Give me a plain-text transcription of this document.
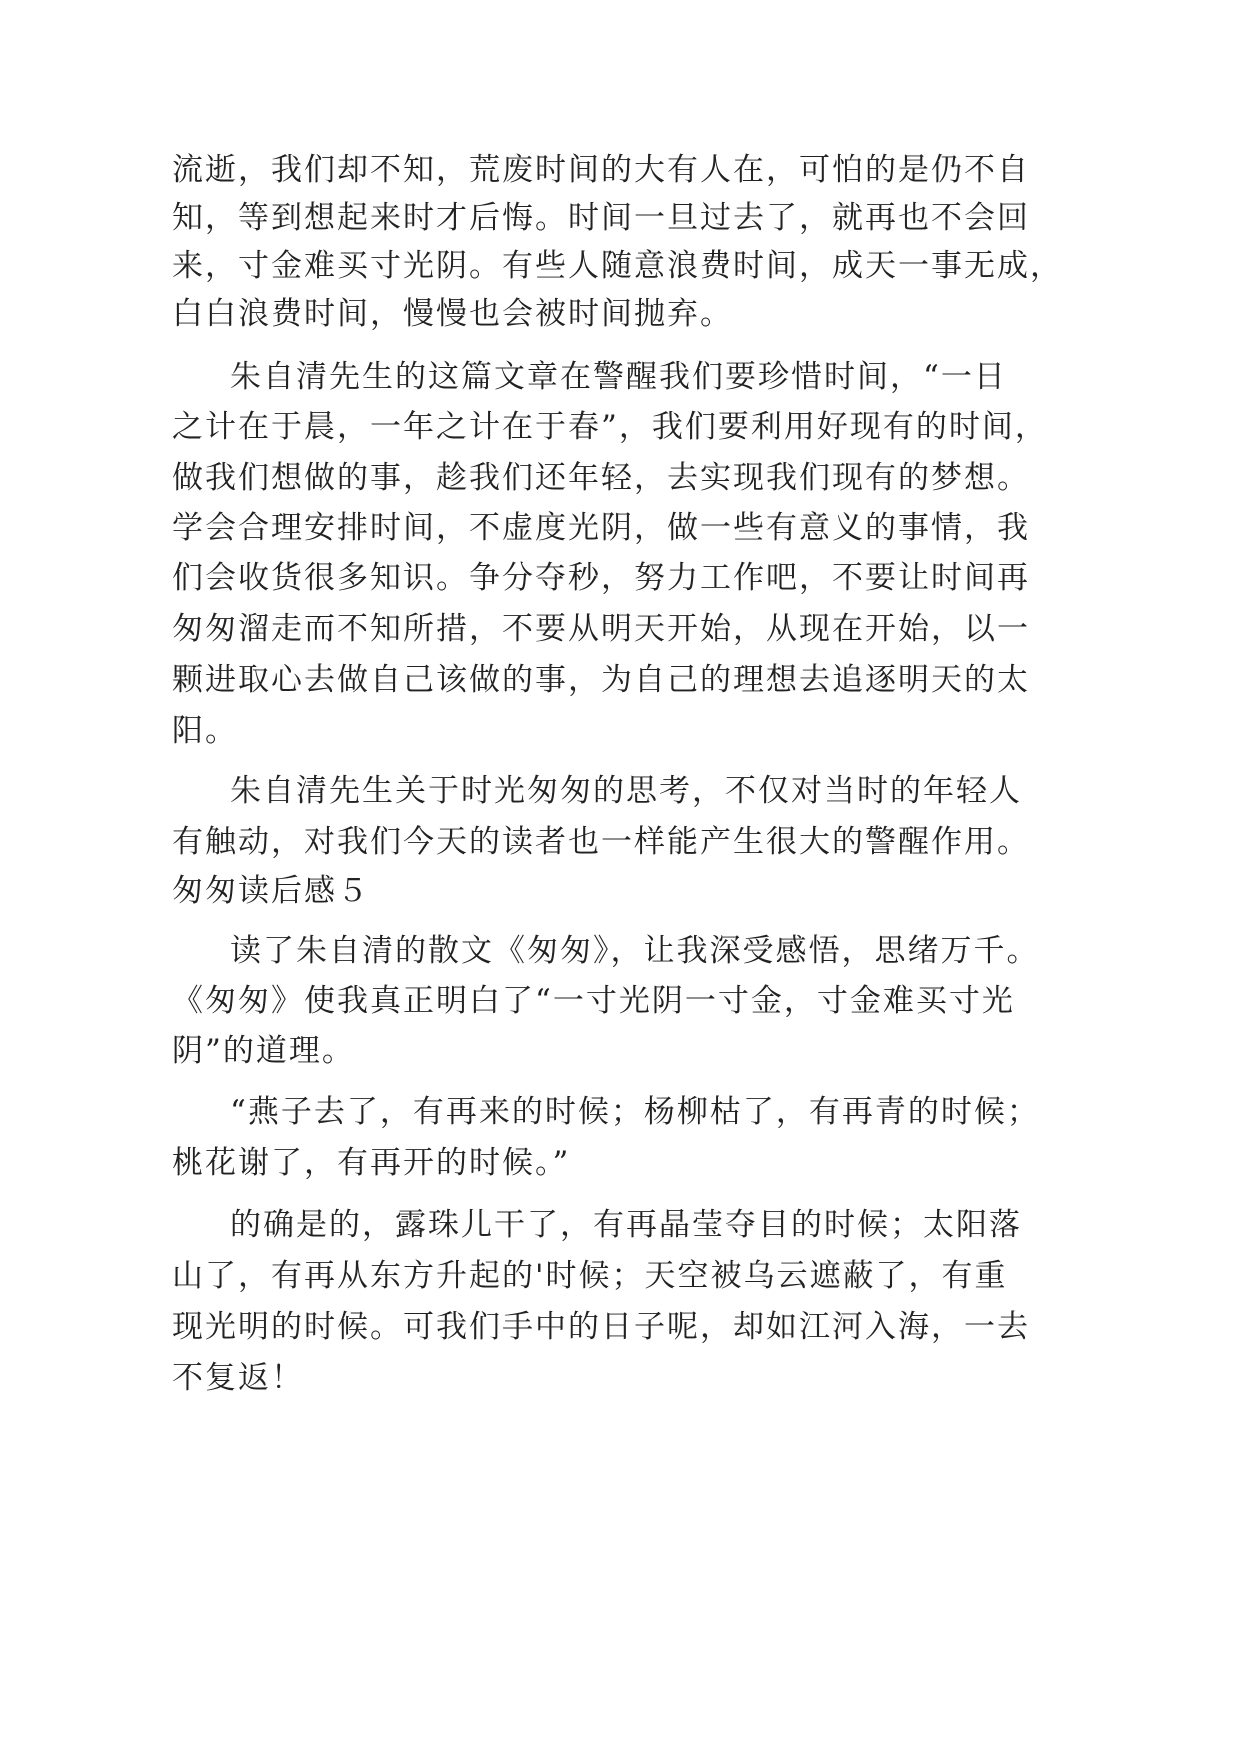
流逝，我们却不知，荒废时间的大有人在，可怕的是仍不自
知，等到想起来时才后悔。时间一旦过去了，就再也不会回
来，寸金难买寸光阴。有些人随意浪费时间，成天一事无成，
白白浪费时间，慢慢也会被时间抛弃。
朱自清先生的这篇文章在警醒我们要珍惜时间，“一日
之计在于晨，一年之计在于春”，我们要利用好现有的时间，
做我们想做的事，趁我们还年轻，去实现我们现有的梦想。
学会合理安排时间，不虚度光阴，做一些有意义的事情，我
们会收货很多知识。争分夺秒，努力工作吧，不要让时间再
匆匆溜走而不知所措，不要从明天开始，从现在开始，以一
颗进取心去做自己该做的事，为自己的理想去追逐明天的太
阳。
朱自清先生关于时光匆匆的思考，不仅对当时的年轻人
有触动，对我们今天的读者也一样能产生很大的警醒作用。
匆匆读后感５
读了朱自清的散文《匆匆》，让我深受感悟，思绪万千。
《匆匆》使我真正明白了“一寸光阴一寸金，寸金难买寸光
阴”的道理。
“燕子去了，有再来的时候；杨柳枯了，有再青的时候；
桃花谢了，有再开的时候。”
的确是的，露珠儿干了，有再晶莹夺目的时候；太阳落
山了，有再从东方升起的'时候；天空被乌云遮蔽了，有重
现光明的时候。可我们手中的日子呢，却如江河入海，一去
不复返！
